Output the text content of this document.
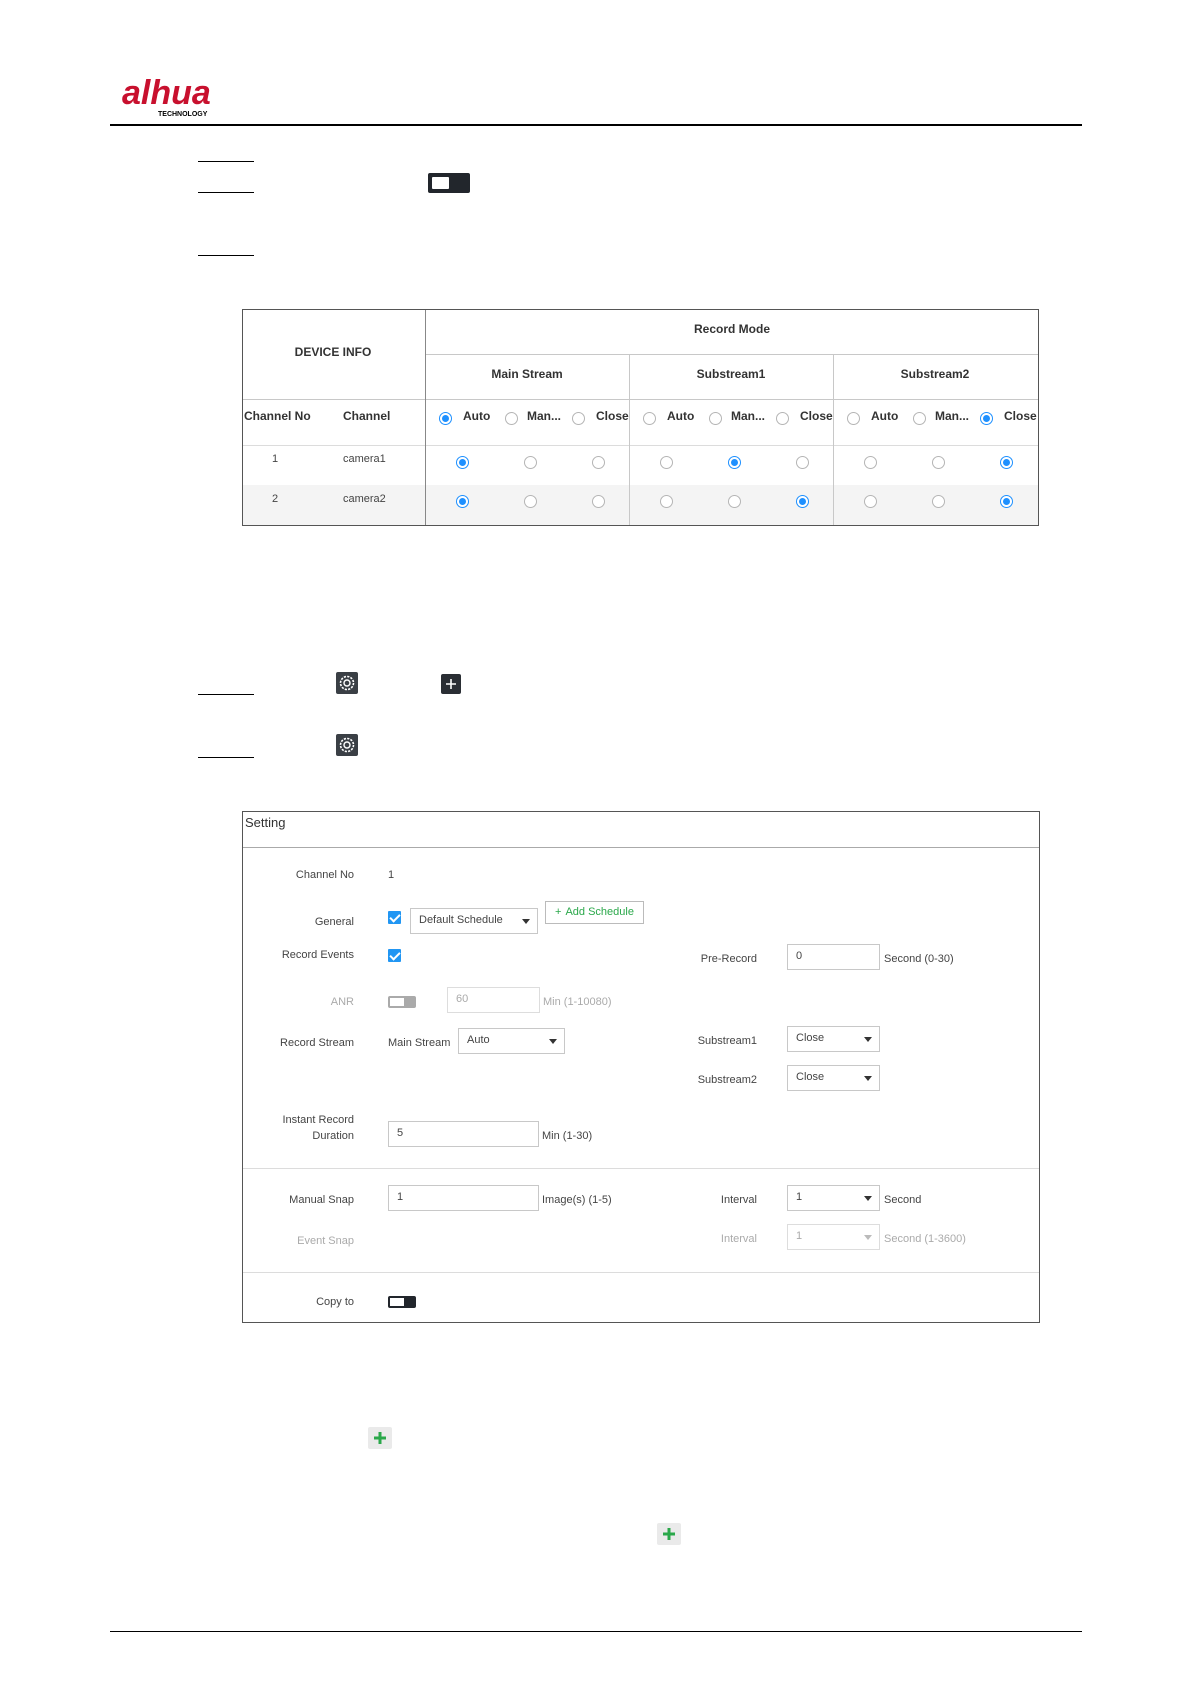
alhua
TECHNOLOGY
DEVICE INFO
Record Mode
Main Stream	Substream1	Substream2
Channel No	Channel	Auto	Man...	Close	Auto	Man...	Close	Auto	Man...	Close
1	camera1
2	camera2
Setting
Channel No	1
General	Default Schedule
+ Add Schedule
Record Events	Pre-Record	0	Second (0-30)
ANR	60	Min (1-10080)
Record Stream	Main Stream	Auto	Substream1	Close
Substream2	Close
Instant Record
Duration	5	Min (1-30)
Manual Snap	1	Image(s) (1-5)	Interval	1	Second
Event Snap	Interval	1	Second (1-3600)
Copy to
